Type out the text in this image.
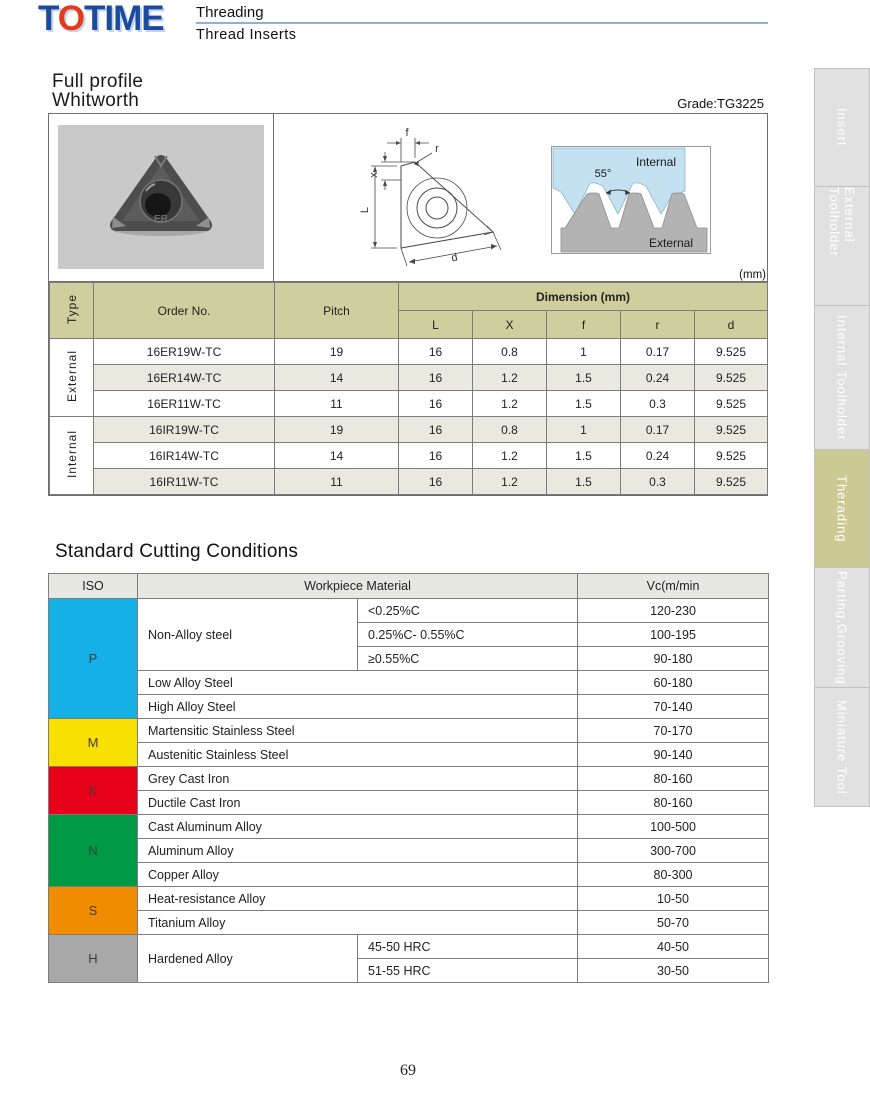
TOTIME Threading
Thread Inserts
Full profile
Whitworth	Grade:TG3225
ER
f
x
r
L
d
Internal
55°
External
(mm)
Type	Order No.	Pitch	Dimension (mm)				
			L	X	f	r	d
External	16ER19W-TC	19	16	0.8	1	0.17	9.525
	16ER14W-TC	14	16	1.2	1.5	0.24	9.525
	16ER11W-TC	11	16	1.2	1.5	0.3	9.525
Internal	16IR19W-TC	19	16	0.8	1	0.17	9.525
	16IR14W-TC	14	16	1.2	1.5	0.24	9.525
	16IR11W-TC	11	16	1.2	1.5	0.3	9.525
Standard Cutting Conditions
ISO	Workpiece Material		Vc(m/min
P	Non-Alloy steel	<0.25%C	120-230
		0.25%C- 0.55%C	100-195
		≥0.55%C	90-180
	Low Alloy Steel		60-180
	High Alloy Steel		70-140
M	Martensitic Stainless Steel		70-170
	Austenitic Stainless Steel		90-140
K	Grey Cast Iron		80-160
	Ductile Cast Iron		80-160
N	Cast Aluminum Alloy		100-500
	Aluminum Alloy		300-700
	Copper Alloy		80-300
S	Heat-resistance Alloy		10-50
	Titanium Alloy		50-70
H	Hardened Alloy	45-50 HRC	40-50
		51-55 HRC	30-50
Insert
External Toolholder
Internal Toolholder
Therading
Parting,Grooving
Miniature Tool
69
